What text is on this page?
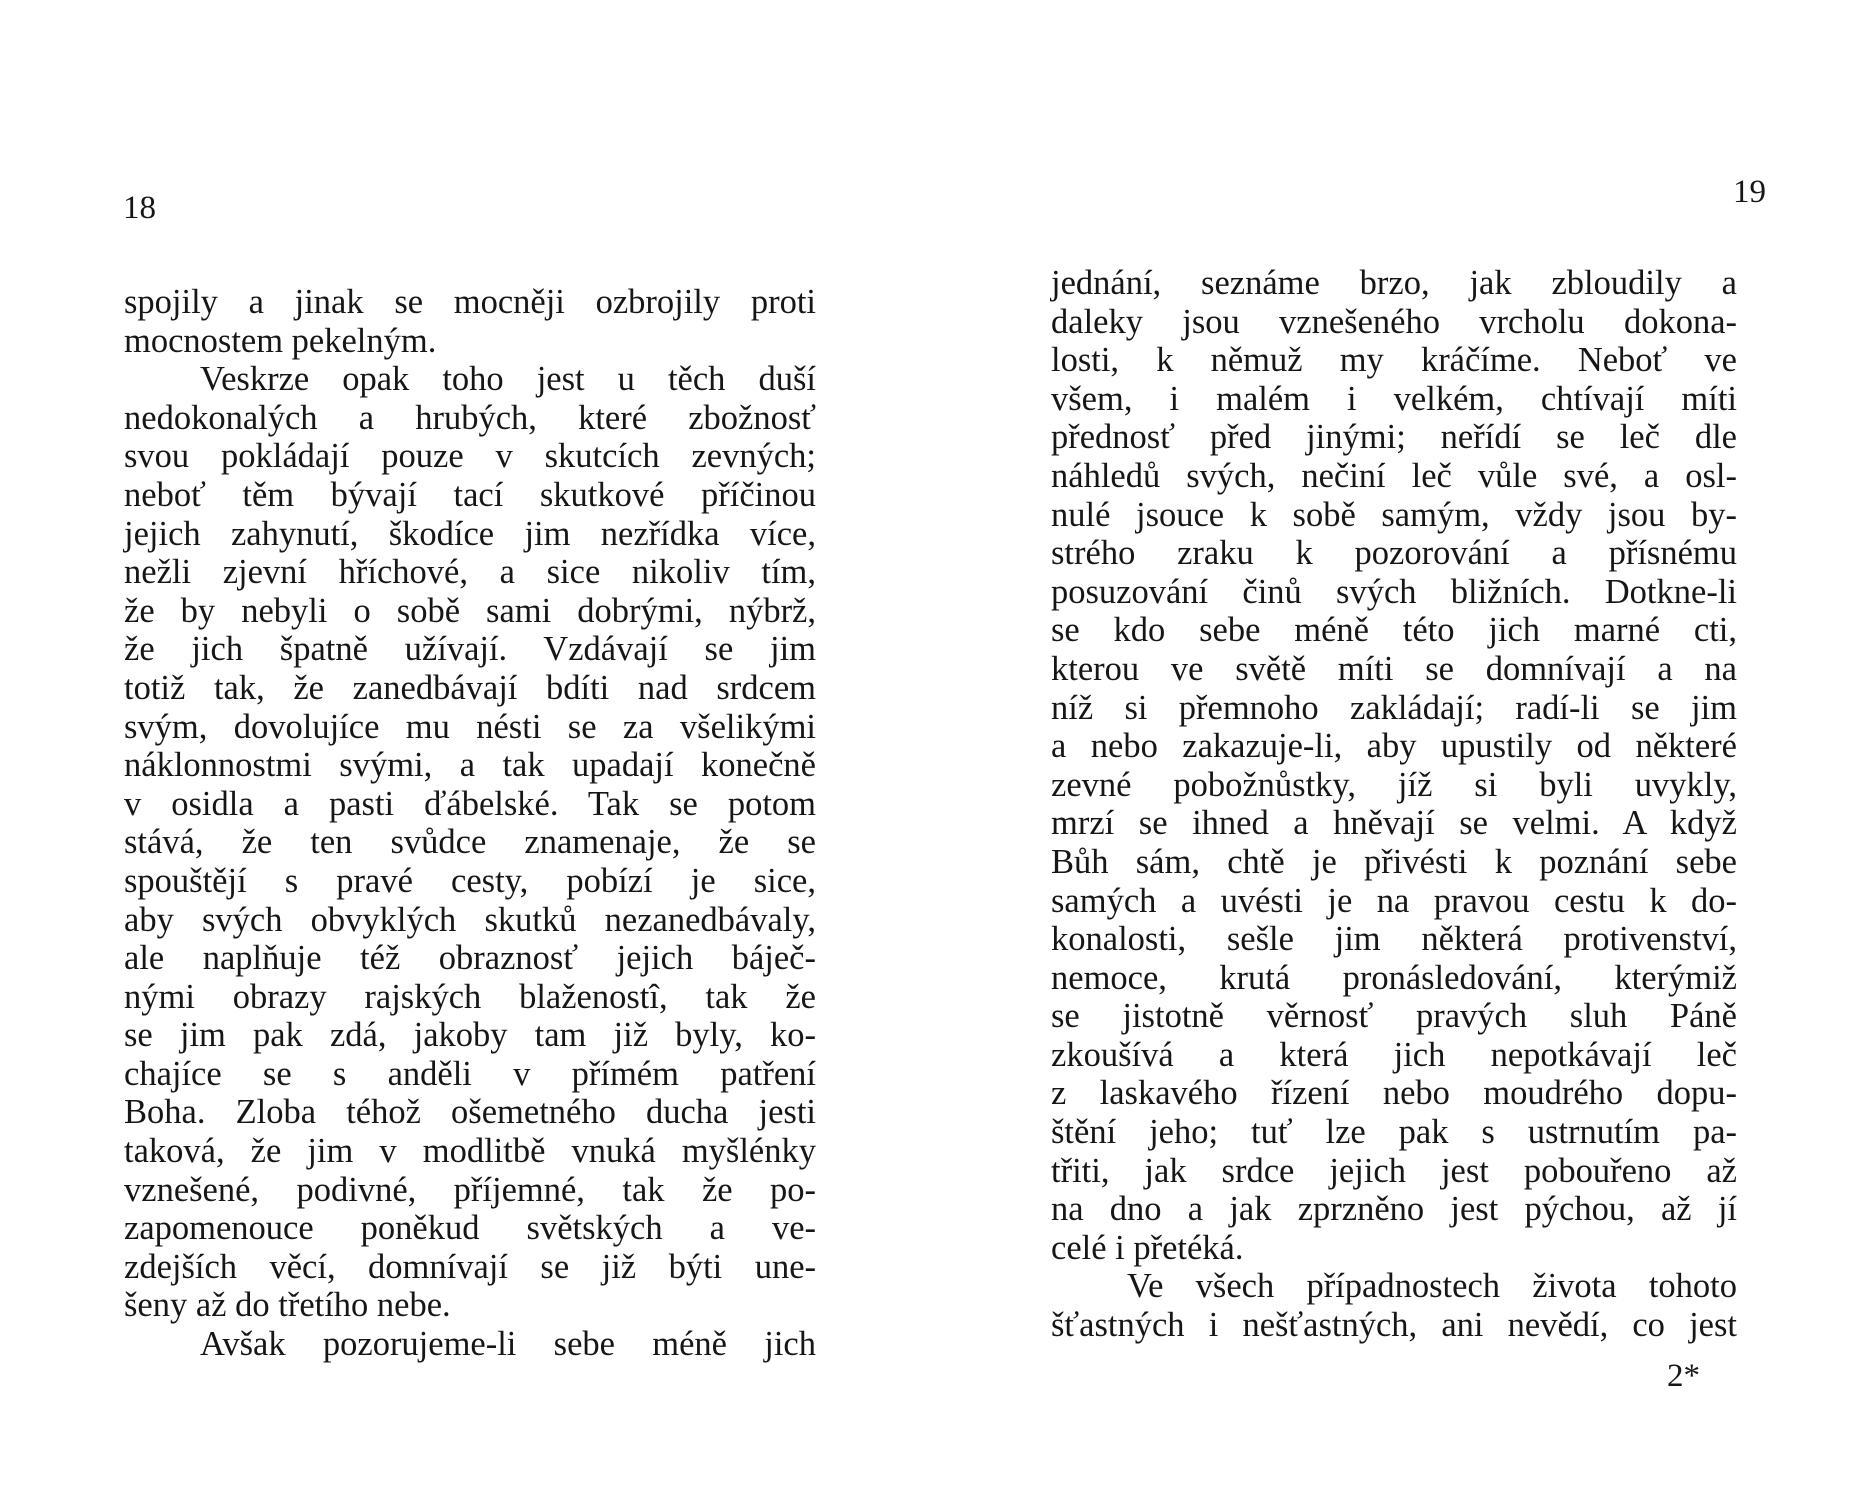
18
spojily a jinak se mocněji ozbrojily proti
mocnostem pekelným.
Veskrze opak toho jest u těch duší
nedokonalých a hrubých, které zbožnosť
svou pokládají pouze v skutcích zevných;
neboť těm bývají tací skutkové příčinou
jejich zahynutí, škodíce jim nezřídka více,
nežli zjevní hříchové, a sice nikoliv tím,
že by nebyli o sobě sami dobrými, nýbrž,
že jich špatně užívají. Vzdávají se jim
totiž tak, že zanedbávají bdíti nad srdcem
svým, dovolujíce mu nésti se za všelikými
náklonnostmi svými, a tak upadají konečně
v osidla a pasti ďábelské. Tak se potom
stává, že ten svůdce znamenaje, že se
spouštějí s pravé cesty, pobízí je sice,
aby svých obvyklých skutků nezanedbávaly,
ale naplňuje též obraznosť jejich báječ-
nými obrazy rajských blaženostî, tak že
se jim pak zdá, jakoby tam již byly, ko-
chajíce se s anděli v přímém patření
Boha. Zloba téhož ošemetného ducha jesti
taková, že jim v modlitbě vnuká myšlénky
vznešené, podivné, příjemné, tak že po-
zapomenouce poněkud světských a ve-
zdejších věcí, domnívají se již býti une-
šeny až do třetího nebe.
Avšak pozorujeme-li sebe méně jich
19
jednání, seznáme brzo, jak zbloudily a
daleky jsou vznešeného vrcholu dokona-
losti, k němuž my kráčíme. Neboť ve
všem, i malém i velkém, chtívají míti
přednosť před jinými; neřídí se leč dle
náhledů svých, nečiní leč vůle své, a osl-
nulé jsouce k sobě samým, vždy jsou by-
strého zraku k pozorování a přísnému
posuzování činů svých bližních. Dotkne-li
se kdo sebe méně této jich marné cti,
kterou ve světě míti se domnívají a na
níž si přemnoho zakládají; radí-li se jim
a nebo zakazuje-li, aby upustily od některé
zevné pobožnůstky, jíž si byli uvykly,
mrzí se ihned a hněvají se velmi. A když
Bůh sám, chtě je přivésti k poznání sebe
samých a uvésti je na pravou cestu k do-
konalosti, sešle jim některá protivenství,
nemoce, krutá pronásledování, kterýmiž
se jistotně věrnosť pravých sluh Páně
zkoušívá a která jich nepotkávají leč
z laskavého řízení nebo moudrého dopu-
štění jeho; tuť lze pak s ustrnutím pa-
třiti, jak srdce jejich jest pobouřeno až
na dno a jak zprzněno jest pýchou, až jí
celé i přetéká.
Ve všech případnostech života tohoto
šťastných i nešťastných, ani nevědí, co jest
2*
